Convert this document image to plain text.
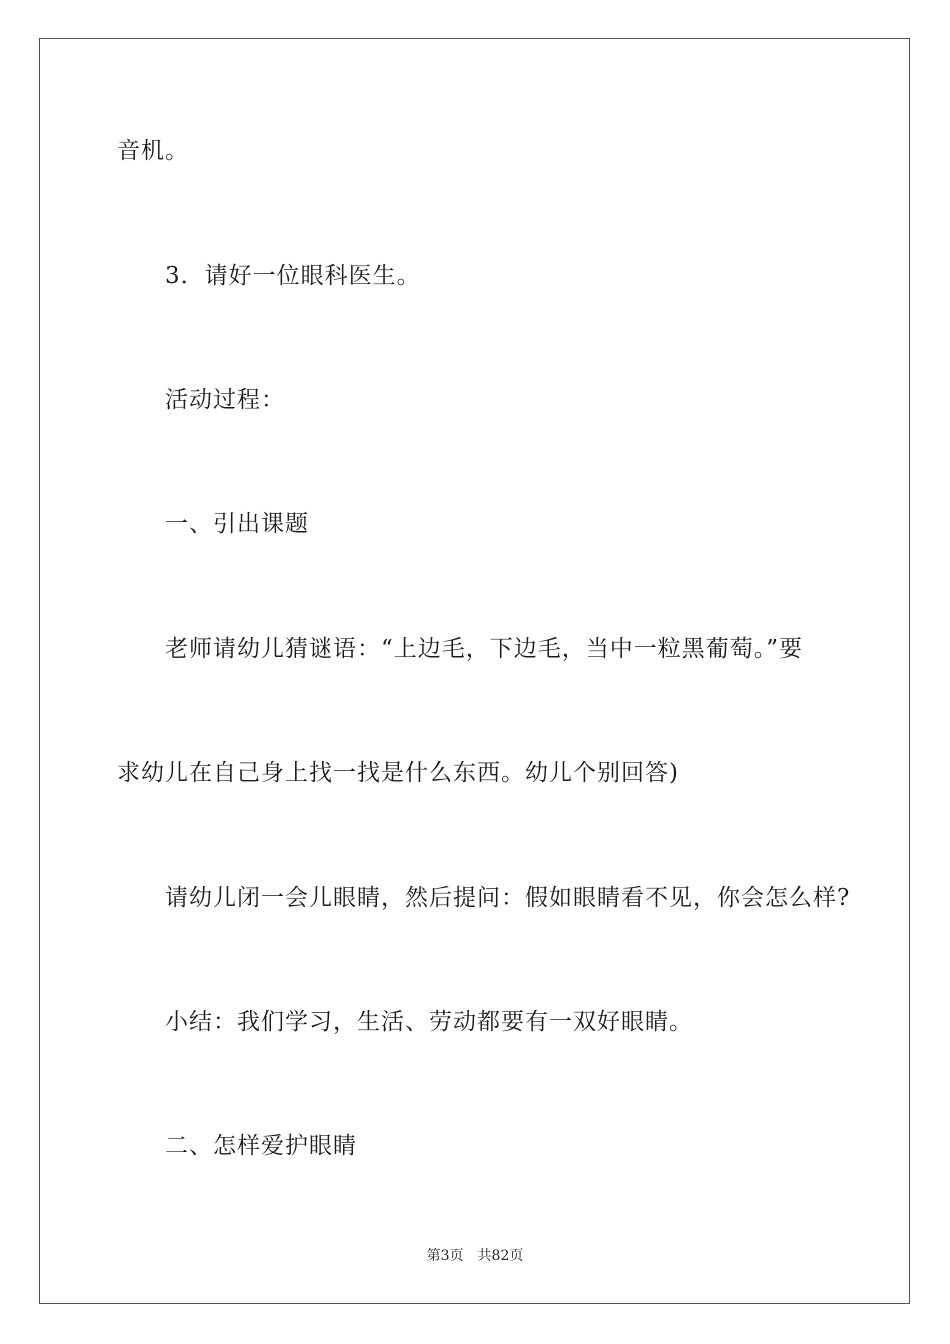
音机。
3．请好一位眼科医生。
活动过程：
一、引出课题
老师请幼儿猜谜语：“上边毛，下边毛，当中一粒黑葡萄。”要
求幼儿在自己身上找一找是什么东西。幼儿个别回答)
请幼儿闭一会儿眼睛，然后提问：假如眼睛看不见，你会怎么样?
小结：我们学习，生活、劳动都要有一双好眼睛。
二、怎样爱护眼睛
第3页 共82页
